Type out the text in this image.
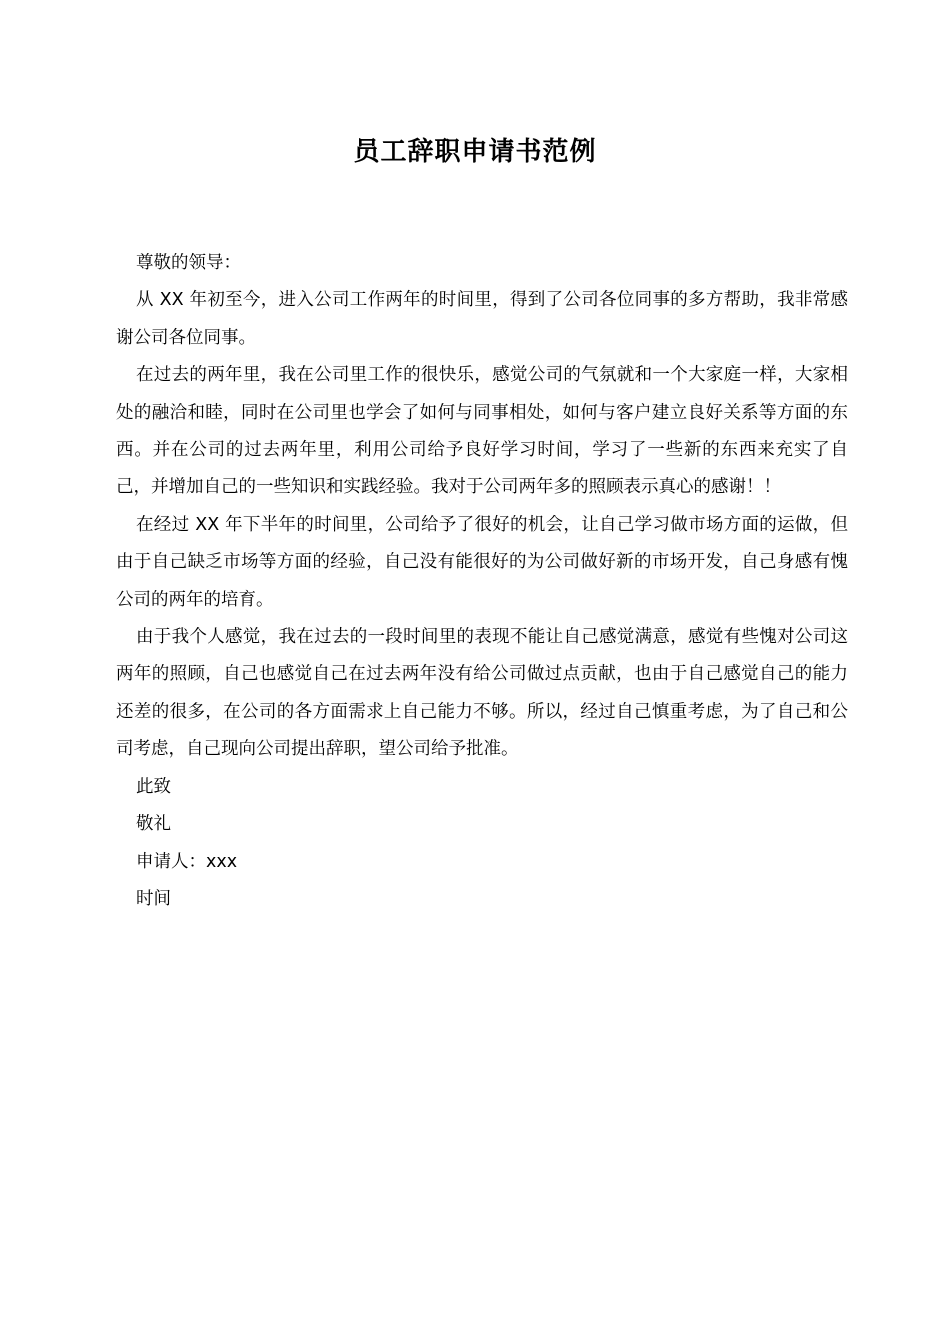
员工辞职申请书范例

尊敬的领导：

从 XX 年初至今，进入公司工作两年的时间里，得到了公司各位同事的多方帮助，我非常感谢公司各位同事。

在过去的两年里，我在公司里工作的很快乐，感觉公司的气氛就和一个大家庭一样，大家相处的融洽和睦，同时在公司里也学会了如何与同事相处，如何与客户建立良好关系等方面的东西。并在公司的过去两年里，利用公司给予良好学习时间，学习了一些新的东西来充实了自己，并增加自己的一些知识和实践经验。我对于公司两年多的照顾表示真心的感谢！！

在经过 XX 年下半年的时间里，公司给予了很好的机会，让自己学习做市场方面的运做，但由于自己缺乏市场等方面的经验，自己没有能很好的为公司做好新的市场开发，自己身感有愧公司的两年的培育。

由于我个人感觉，我在过去的一段时间里的表现不能让自己感觉满意，感觉有些愧对公司这两年的照顾，自己也感觉自己在过去两年没有给公司做过点贡献，也由于自己感觉自己的能力还差的很多，在公司的各方面需求上自己能力不够。所以，经过自己慎重考虑，为了自己和公司考虑，自己现向公司提出辞职，望公司给予批准。

此致

敬礼

申请人：xxx

时间
